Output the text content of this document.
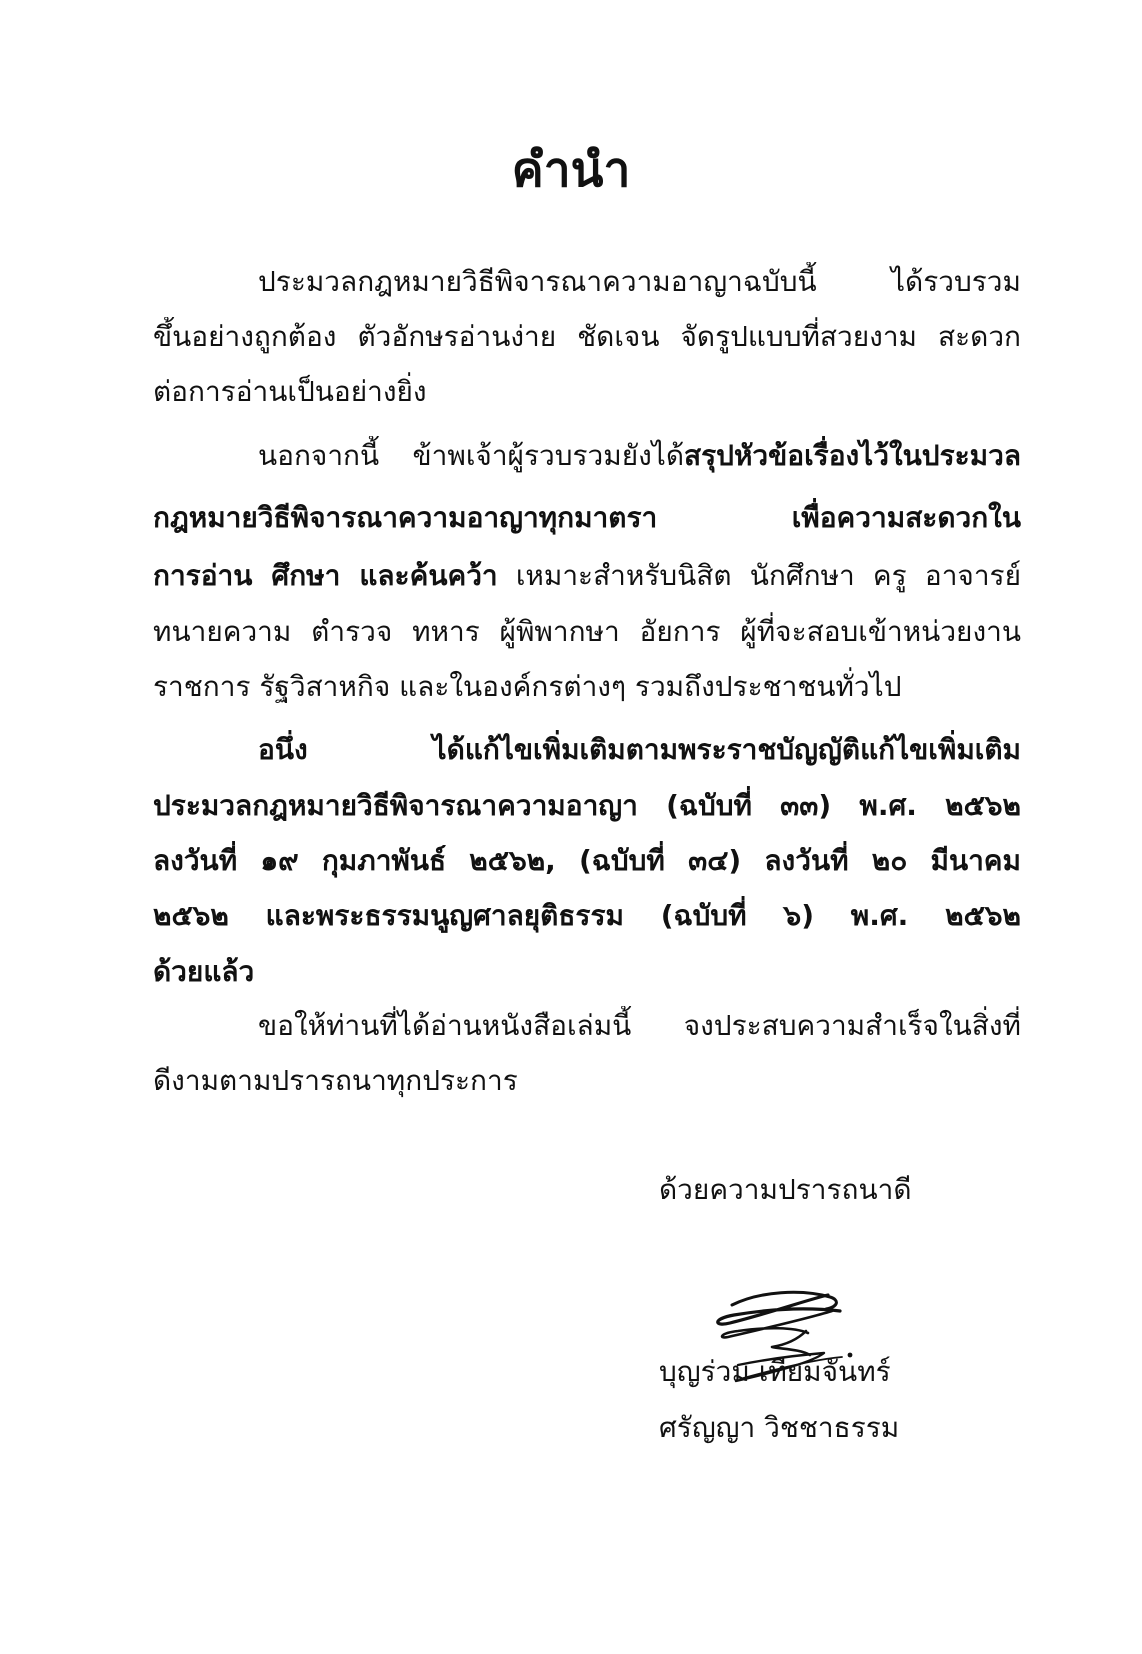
คำนำ
ประมวลกฎหมายวิธีพิจารณาความอาญาฉบับนี้ ได้รวบรวม
ขึ้นอย่างถูกต้อง ตัวอักษรอ่านง่าย ชัดเจน จัดรูปแบบที่สวยงาม สะดวก
ต่อการอ่านเป็นอย่างยิ่ง
นอกจากนี้ ข้าพเจ้าผู้รวบรวมยังได้สรุปหัวข้อเรื่องไว้ในประมวล
กฎหมายวิธีพิจารณาความอาญาทุกมาตรา เพื่อความสะดวกใน
การอ่าน ศึกษา และค้นคว้า เหมาะสำหรับนิสิต นักศึกษา ครู อาจารย์
ทนายความ ตำรวจ ทหาร ผู้พิพากษา อัยการ ผู้ที่จะสอบเข้าหน่วยงาน
ราชการ รัฐวิสาหกิจ และในองค์กรต่างๆ รวมถึงประชาชนทั่วไป
อนึ่ง ได้แก้ไขเพิ่มเติมตามพระราชบัญญัติแก้ไขเพิ่มเติม
ประมวลกฎหมายวิธีพิจารณาความอาญา (ฉบับที่ ๓๓) พ.ศ. ๒๕๖๒
ลงวันที่ ๑๙ กุมภาพันธ์ ๒๕๖๒, (ฉบับที่ ๓๔) ลงวันที่ ๒๐ มีนาคม
๒๕๖๒ และพระธรรมนูญศาลยุติธรรม (ฉบับที่ ๖) พ.ศ. ๒๕๖๒
ด้วยแล้ว
ขอให้ท่านที่ได้อ่านหนังสือเล่มนี้ จงประสบความสำเร็จในสิ่งที่
ดีงามตามปรารถนาทุกประการ
ด้วยความปรารถนาดี
บุญร่วม เทียมจันทร์
ศรัญญา วิชชาธรรม
